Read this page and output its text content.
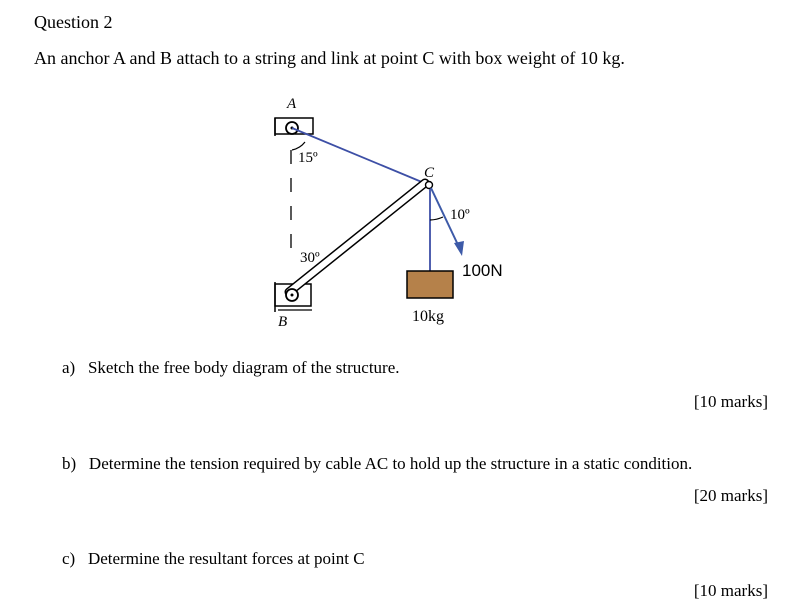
Question 2
An anchor A and B attach to a string and link at point C with box weight of 10 kg.
A
B
C
15º
30º
10º
100N
10kg
a)   Sketch the free body diagram of the structure.
[10 marks]
b)   Determine the tension required by cable AC to hold up the structure in a static condition.
[20 marks]
c)   Determine the resultant forces at point C
[10 marks]
